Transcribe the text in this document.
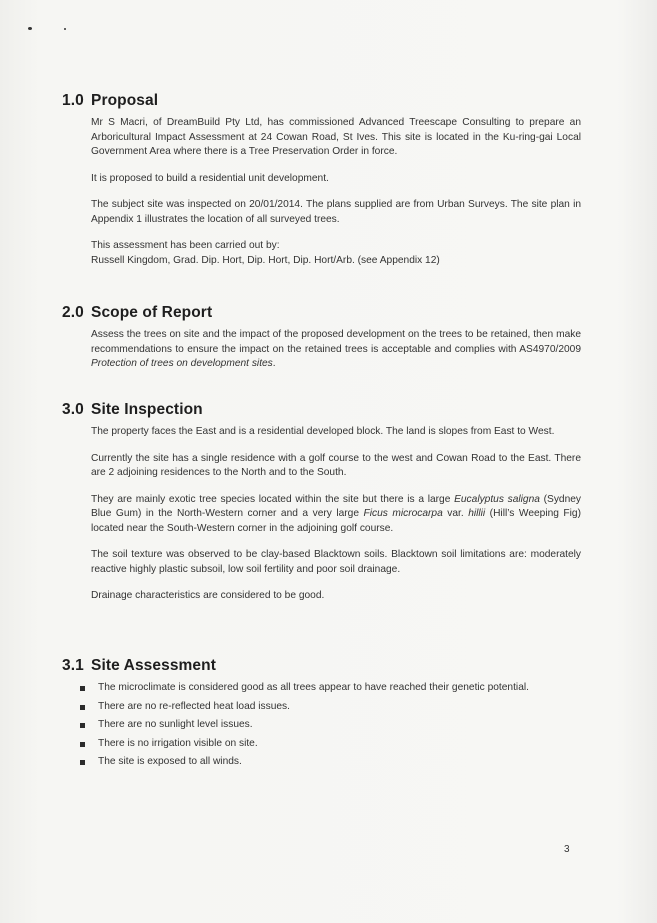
1.0 Proposal

Mr S Macri, of DreamBuild Pty Ltd, has commissioned Advanced Treescape Consulting to prepare an Arboricultural Impact Assessment at 24 Cowan Road, St Ives. This site is located in the Ku-ring-gai Local Government Area where there is a Tree Preservation Order in force.

It is proposed to build a residential unit development.

The subject site was inspected on 20/01/2014. The plans supplied are from Urban Surveys. The site plan in Appendix 1 illustrates the location of all surveyed trees.

This assessment has been carried out by:
Russell Kingdom, Grad. Dip. Hort, Dip. Hort, Dip. Hort/Arb. (see Appendix 12)

2.0 Scope of Report

Assess the trees on site and the impact of the proposed development on the trees to be retained, then make recommendations to ensure the impact on the retained trees is acceptable and complies with AS4970/2009 Protection of trees on development sites.

3.0 Site Inspection

The property faces the East and is a residential developed block. The land is slopes from East to West.

Currently the site has a single residence with a golf course to the west and Cowan Road to the East. There are 2 adjoining residences to the North and to the South.

They are mainly exotic tree species located within the site but there is a large Eucalyptus saligna (Sydney Blue Gum) in the North-Western corner and a very large Ficus microcarpa var. hillii (Hill’s Weeping Fig) located near the South-Western corner in the adjoining golf course.

The soil texture was observed to be clay-based Blacktown soils. Blacktown soil limitations are: moderately reactive highly plastic subsoil, low soil fertility and poor soil drainage.

Drainage characteristics are considered to be good.

3.1 Site Assessment
The microclimate is considered good as all trees appear to have reached their genetic potential.
There are no re-reflected heat load issues.
There are no sunlight level issues.
There is no irrigation visible on site.
The site is exposed to all winds.
3
